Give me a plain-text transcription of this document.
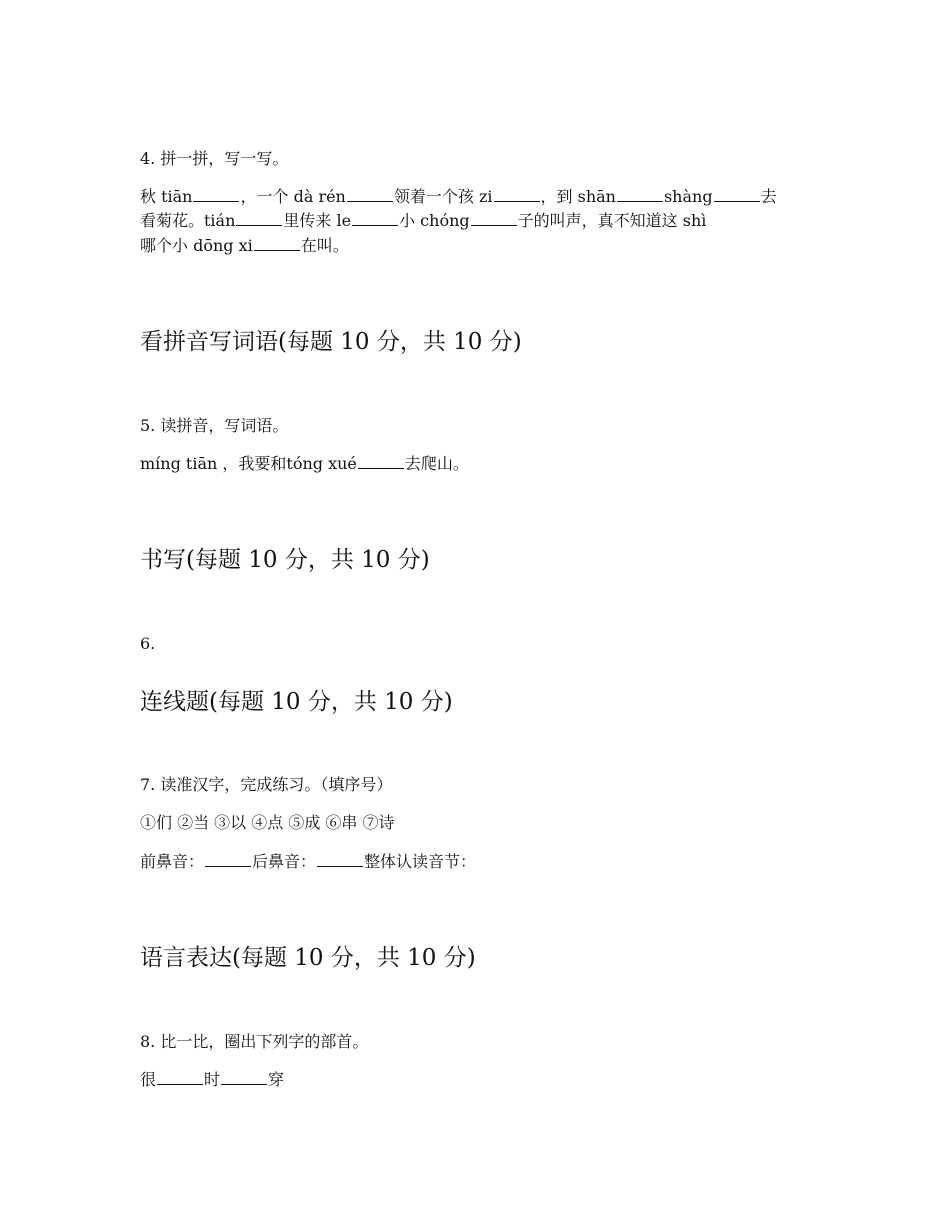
4. 拼一拼，写一写。
秋 tiān	，一个 dà rén	领着一个孩 zi	，到 shān	shàng	去
看菊花。tián	里传来 le	小 chóng	子的叫声，真不知道这 shì
哪个小 dōng xi	在叫。
看拼音写词语(每题 10 分，共 10 分)
5. 读拼音，写词语。
míng tiān ，我要和tóng xué	去爬山。
书写(每题 10 分，共 10 分)
6.
连线题(每题 10 分，共 10 分)
7. 读准汉字，完成练习。（填序号）
①们 ②当 ③以 ④点 ⑤成 ⑥串 ⑦诗
前鼻音：	后鼻音：	整体认读音节：
语言表达(每题 10 分，共 10 分)
8. 比一比，圈出下列字的部首。
很	时	穿
